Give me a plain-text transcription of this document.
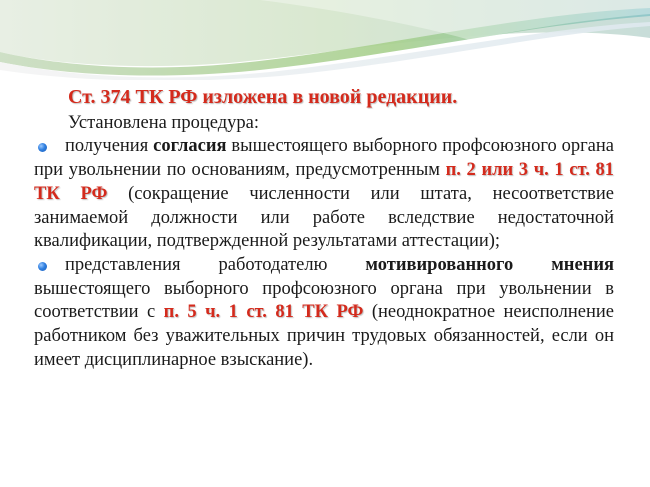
Ст. 374 ТК РФ изложена в новой редакции.

Установлена процедура:

получения согласия вышестоящего выборного профсоюзного органа при увольнении по основаниям, предусмотренным п. 2 или 3 ч. 1 ст. 81 ТК РФ (сокращение численности или штата, несоответствие занимаемой должности или работе вследствие недостаточной квалификации, подтвержденной результатами аттестации);

представления работодателю мотивированного мнения вышестоящего выборного профсоюзного органа при увольнении в соответствии с п. 5 ч. 1 ст. 81 ТК РФ (неоднократное неисполнение работником без уважительных причин трудовых обязанностей, если он имеет дисциплинарное взыскание).
